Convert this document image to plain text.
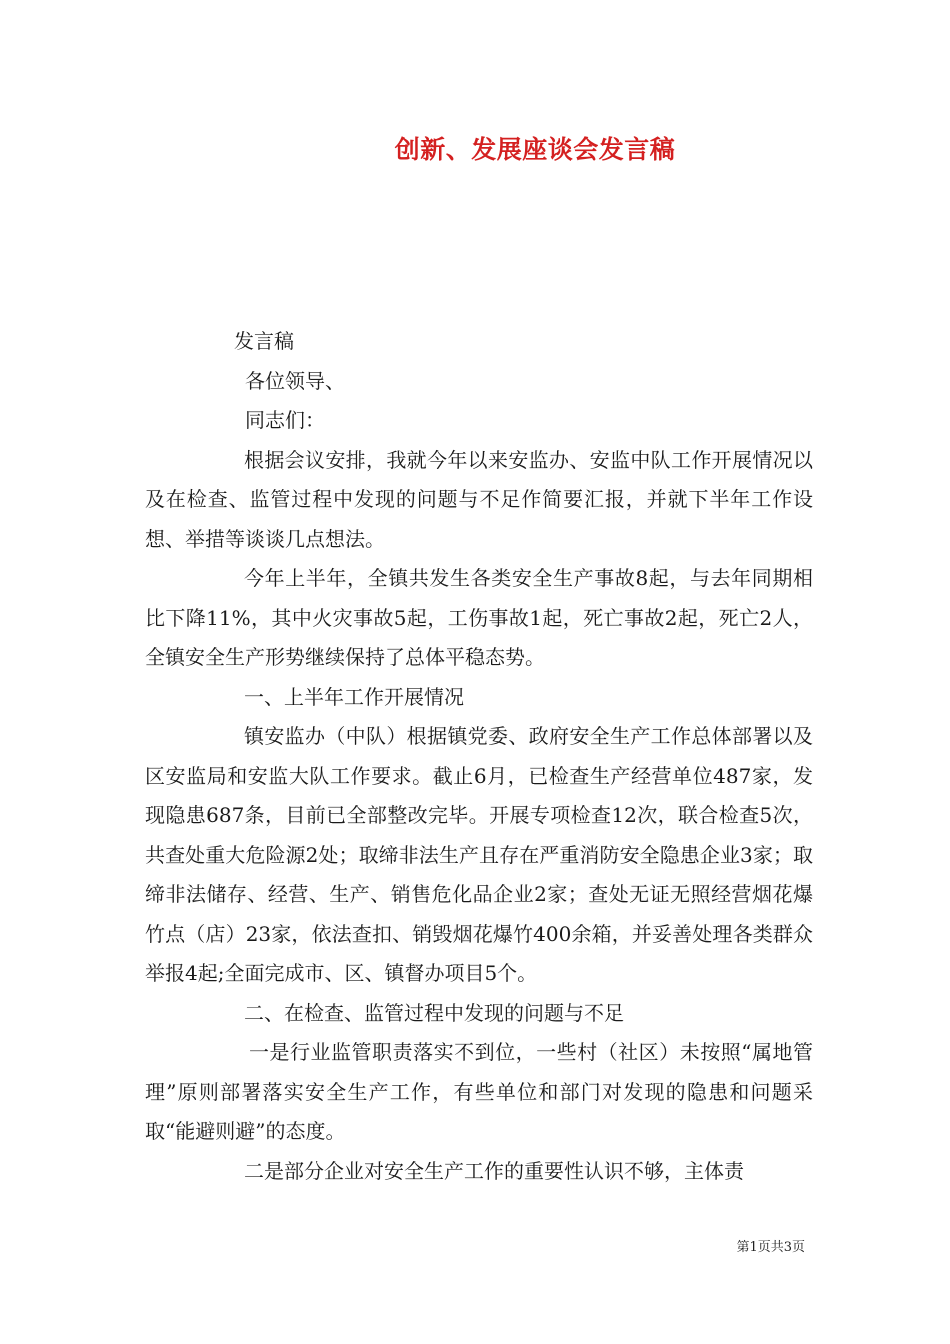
创新、发展座谈会发言稿

发言稿

各位领导、

同志们：

根据会议安排，我就今年以来安监办、安监中队工作开展情况以及在检查、监管过程中发现的问题与不足作简要汇报，并就下半年工作设想、举措等谈谈几点想法。

今年上半年，全镇共发生各类安全生产事故8起，与去年同期相比下降11%，其中火灾事故5起，工伤事故1起，死亡事故2起，死亡2人，全镇安全生产形势继续保持了总体平稳态势。

一、上半年工作开展情况

镇安监办（中队）根据镇党委、政府安全生产工作总体部署以及区安监局和安监大队工作要求。截止6月，已检查生产经营单位487家，发现隐患687条，目前已全部整改完毕。开展专项检查12次，联合检查5次，共查处重大危险源2处；取缔非法生产且存在严重消防安全隐患企业3家；取缔非法储存、经营、生产、销售危化品企业2家；查处无证无照经营烟花爆竹点（店）23家，依法查扣、销毁烟花爆竹400余箱，并妥善处理各类群众举报4起;全面完成市、区、镇督办项目5个。

二、在检查、监管过程中发现的问题与不足

一是行业监管职责落实不到位，一些村（社区）未按照“属地管理”原则部署落实安全生产工作，有些单位和部门对发现的隐患和问题采取“能避则避”的态度。

二是部分企业对安全生产工作的重要性认识不够，主体责

第1页共3页
